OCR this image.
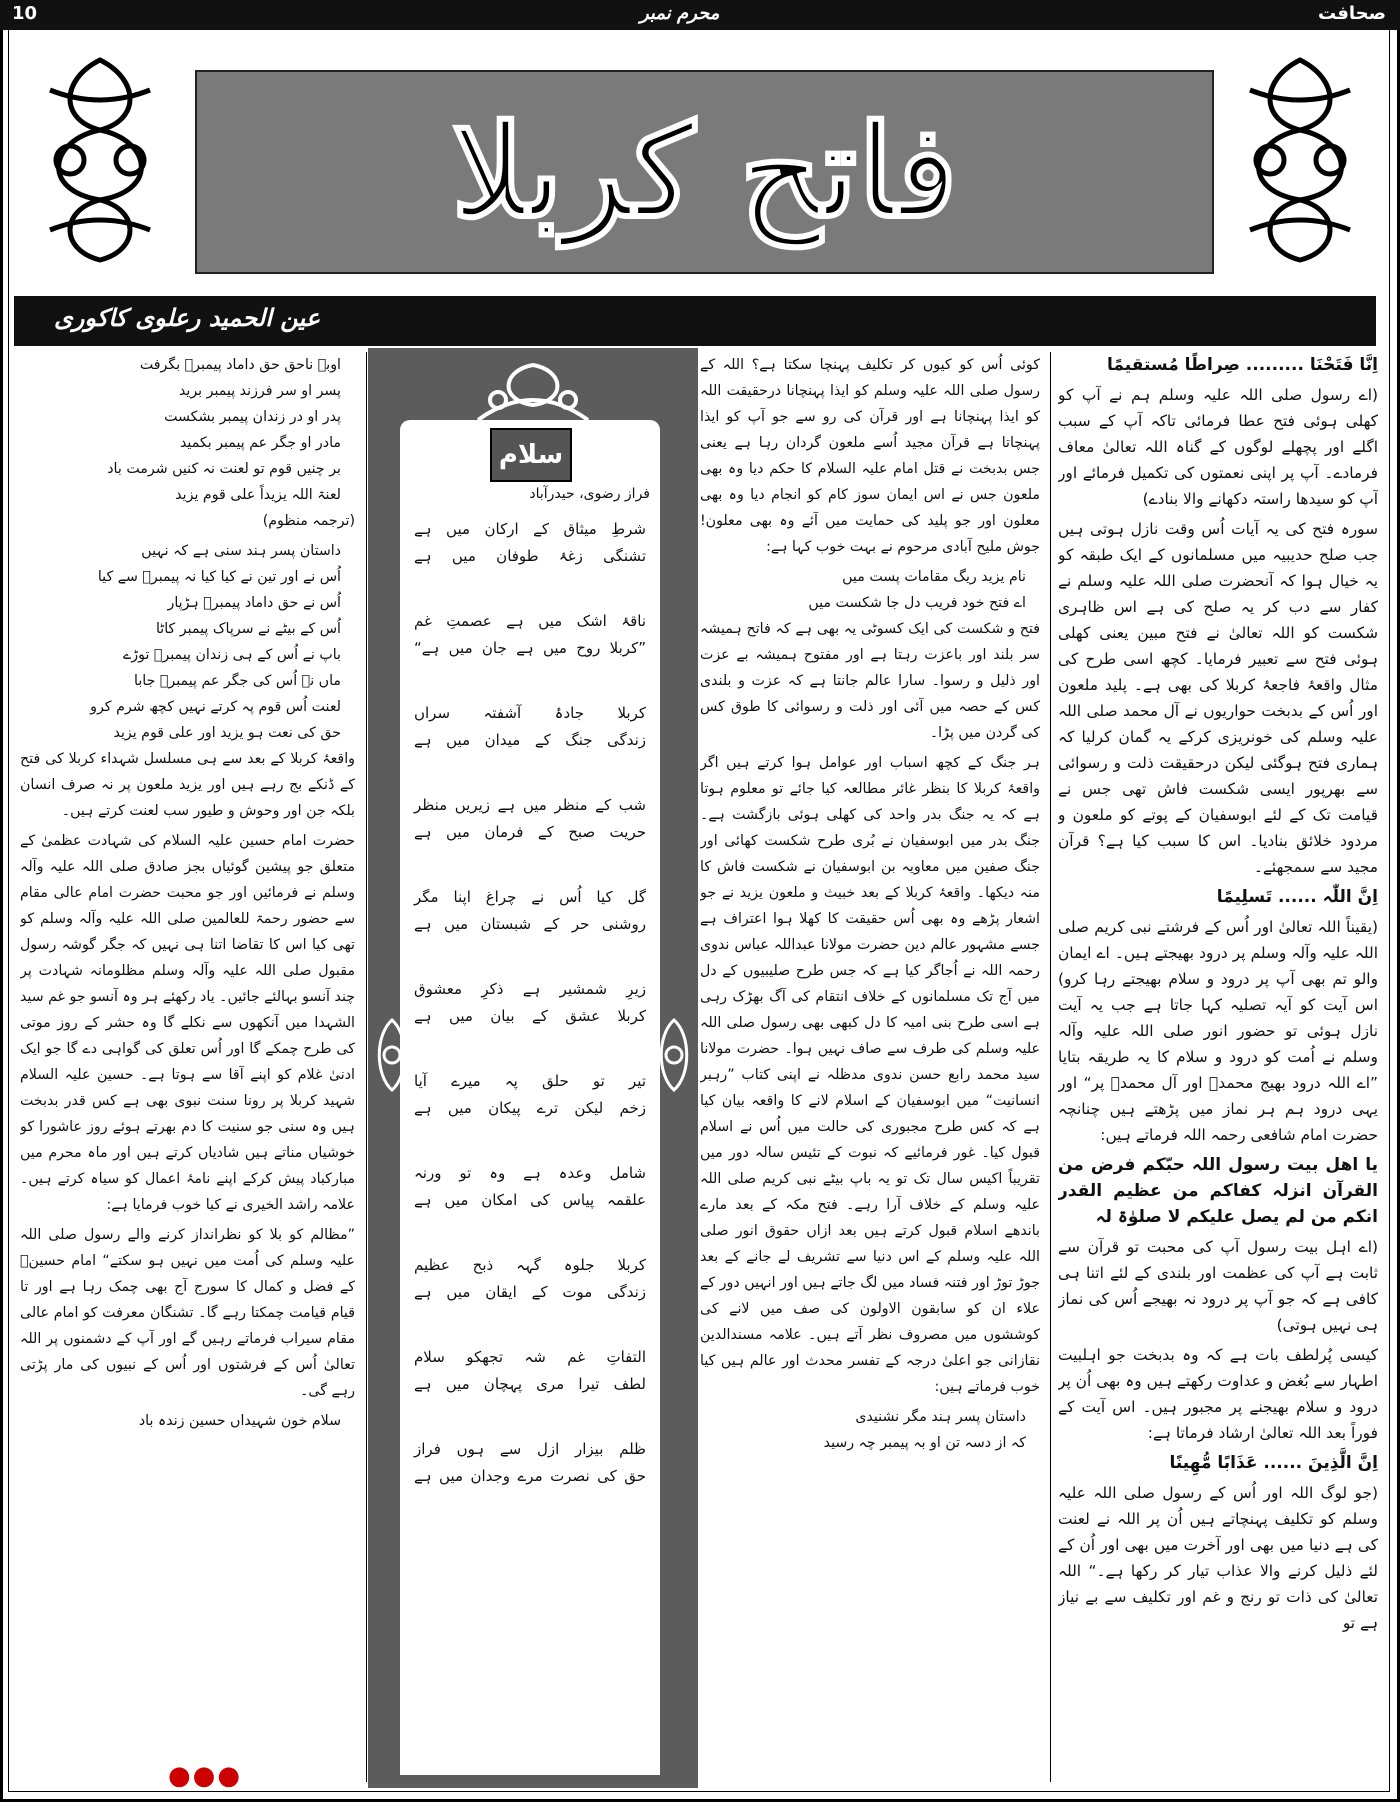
10	محرم نمبر	صحافت
فاتح کربلا
عین الحمید رعلوی کاکوری

اِنَّا فَتَحْنَا ......... صِراطًا مُستقیمًا

(اے رسول صلی اللہ علیہ وسلم ہم نے آپ کو کھلی ہوئی فتح عطا فرمائی تاکہ آپ کے سبب اگلے اور پچھلے لوگوں کے گناہ اللہ تعالیٰ معاف فرمادے۔ آپ پر اپنی نعمتوں کی تکمیل فرمائے اور آپ کو سیدھا راستہ دکھانے والا بنادے)

سورہ فتح کی یہ آیات اُس وقت نازل ہوتی ہیں جب صلح حدیبیہ میں مسلمانوں کے ایک طبقہ کو یہ خیال ہوا کہ آنحضرت صلی اللہ علیہ وسلم نے کفار سے دب کر یہ صلح کی ہے اس ظاہری شکست کو اللہ تعالیٰ نے فتح مبین یعنی کھلی ہوئی فتح سے تعبیر فرمایا۔ کچھ اسی طرح کی مثال واقعۂ فاجعۂ کربلا کی بھی ہے۔ پلید ملعون اور اُس کے بدبخت حواریوں نے آل محمد صلی اللہ علیہ وسلم کی خونریزی کرکے یہ گمان کرلیا کہ ہماری فتح ہوگئی لیکن درحقیقت ذلت و رسوائی سے بھرپور ایسی شکست فاش تھی جس نے قیامت تک کے لئے ابوسفیان کے پوتے کو ملعون و مردود خلائق بنادیا۔ اس کا سبب کیا ہے؟ قرآن مجید سے سمجھئے۔

اِنَّ اللّٰہ ...... تَسلِیمًا

(یقیناً اللہ تعالیٰ اور اُس کے فرشتے نبی کریم صلی اللہ علیہ وآلہ وسلم پر درود بھیجتے ہیں۔ اے ایمان والو تم بھی آپ پر درود و سلام بھیجتے رہا کرو) اس آیت کو آیہ تصلیہ کہا جاتا ہے جب یہ آیت نازل ہوئی تو حضور انور صلی اللہ علیہ وآلہ وسلم نے اُمت کو درود و سلام کا یہ طریقہ بتایا ”اے اللہ درود بھیج محمدؐ اور آل محمدؐ پر“ اور یہی درود ہم ہر نماز میں پڑھتے ہیں چنانچہ حضرت امام شافعی رحمہ اللہ فرماتے ہیں:

یا اھل بیت رسول اللہ حبّکم فرض من القرآن انزلہ کفاکم من عظیم القدر انکم من لم یصل علیکم لا صلوٰۃ لہ

(اے اہل بیت رسول آپ کی محبت تو قرآن سے ثابت ہے آپ کی عظمت اور بلندی کے لئے اتنا ہی کافی ہے کہ جو آپ پر درود نہ بھیجے اُس کی نماز ہی نہیں ہوتی)

کیسی پُرلطف بات ہے کہ وہ بدبخت جو اہلبیت اطہار سے بُغض و عداوت رکھتے ہیں وہ بھی اُن پر درود و سلام بھیجنے پر مجبور ہیں۔ اس آیت کے فوراً بعد اللہ تعالیٰ ارشاد فرماتا ہے:

اِنَّ الَّذِینَ ...... عَذَابًا مُّھِینًا

(جو لوگ اللہ اور اُس کے رسول صلی اللہ علیہ وسلم کو تکلیف پہنچاتے ہیں اُن پر اللہ نے لعنت کی ہے دنیا میں بھی اور آخرت میں بھی اور اُن کے لئے ذلیل کرنے والا عذاب تیار کر رکھا ہے۔“ اللہ تعالیٰ کی ذات تو رنج و غم اور تکلیف سے بے نیاز ہے تو

کوئی اُس کو کیوں کر تکلیف پہنچا سکتا ہے؟ اللہ کے رسول صلی اللہ علیہ وسلم کو ایذا پہنچانا درحقیقت اللہ کو ایذا پہنچانا ہے اور قرآن کی رو سے جو آپ کو ایذا پہنچاتا ہے قرآن مجید اُسے ملعون گردان رہا ہے یعنی جس بدبخت نے قتل امام علیہ السلام کا حکم دیا وہ بھی ملعون جس نے اس ایمان سوز کام کو انجام دیا وہ بھی معلون اور جو پلید کی حمایت میں آئے وہ بھی معلون! جوش ملیح آبادی مرحوم نے بہت خوب کہا ہے:

نام یزید ریگ مقامات پست میں

اے فتح خود فریب دل جا شکست میں

فتح و شکست کی ایک کسوٹی یہ بھی ہے کہ فاتح ہمیشہ سر بلند اور باعزت رہتا ہے اور مفتوح ہمیشہ بے عزت اور ذلیل و رسوا۔ سارا عالم جانتا ہے کہ عزت و بلندی کس کے حصہ میں آئی اور ذلت و رسوائی کا طوق کس کی گردن میں پڑا۔

ہر جنگ کے کچھ اسباب اور عوامل ہوا کرتے ہیں اگر واقعۂ کربلا کا بنظر غائر مطالعہ کیا جائے تو معلوم ہوتا ہے کہ یہ جنگ بدر واحد کی کھلی ہوئی بازگشت ہے۔ جنگ بدر میں ابوسفیان نے بُری طرح شکست کھائی اور جنگ صفین میں معاویہ بن ابوسفیان نے شکست فاش کا منہ دیکھا۔ واقعۂ کربلا کے بعد خبیث و ملعون یزید نے جو اشعار پڑھے وہ بھی اُس حقیقت کا کھلا ہوا اعتراف ہے جسے مشہور عالم دین حضرت مولانا عبداللہ عباس ندوی رحمہ اللہ نے اُجاگر کیا ہے کہ جس طرح صلیبیوں کے دل میں آج تک مسلمانوں کے خلاف انتقام کی آگ بھڑک رہی ہے اسی طرح بنی امیہ کا دل کبھی بھی رسول صلی اللہ علیہ وسلم کی طرف سے صاف نہیں ہوا۔ حضرت مولانا سید محمد رابع حسن ندوی مدظلہ نے اپنی کتاب ”رہبر انسانیت“ میں ابوسفیان کے اسلام لانے کا واقعہ بیان کیا ہے کہ کس طرح مجبوری کی حالت میں اُس نے اسلام قبول کیا۔ غور فرمائیے کہ نبوت کے تئیس سالہ دور میں تقریباً اکیس سال تک تو یہ باپ بیٹے نبی کریم صلی اللہ علیہ وسلم کے خلاف آرا رہے۔ فتح مکہ کے بعد مارے باندھے اسلام قبول کرتے ہیں بعد ازاں حقوق انور صلی اللہ علیہ وسلم کے اس دنیا سے تشریف لے جانے کے بعد جوڑ توڑ اور فتنہ فساد میں لگ جاتے ہیں اور انہیں دور کے علاء ان کو سابقون الاولون کی صف میں لانے کی کوششوں میں مصروف نظر آتے ہیں۔ علامہ مسندالدین نقازانی جو اعلیٰ درجہ کے تفسر محدث اور عالم ہیں کیا خوب فرماتے ہیں:

داستان پسر ہند مگر نشنیدی

کہ از دسہ تن او بہ پیمبر چہ رسید

سلام
فراز رضوی، حیدرآباد
شرطِ میثاق کے ارکان میں ہے
تشنگی زغۂ طوفان میں ہے
ناقۂ اشک میں ہے عصمتِ غم
”کربلا روح میں ہے جان میں ہے“
کربلا جادۂ آشفتہ سراں
زندگی جنگ کے میدان میں ہے
شب کے منظر میں ہے زیریں منظر
حریت صبح کے فرمان میں ہے
گل کیا اُس نے چراغ اپنا مگر
روشنی حر کے شبستان میں ہے
زیرِ شمشیر ہے ذکرِ معشوق
کربلا عشق کے بیان میں ہے
تیر تو حلق پہ میرے آیا
زخم لیکن ترے پیکان میں ہے
شامل وعدہ ہے وہ تو ورنہ
علقمہ پیاس کی امکان میں ہے
کربلا جلوہ گہہ ذبح عظیم
زندگی موت کے ایقان میں ہے
التفاتِ غم شہ تجھکو سلام
لطف تیرا مری پہچان میں ہے
ظلم بیزار ازل سے ہوں فراز
حق کی نصرت مرے وجدان میں ہے

اوبہ ناحق حق داماد پیمبرؐ بگرفت

پسر او سر فرزند پیمبر برید

پدر او در زندان پیمبر بشکست

مادر او جگر عم پیمبر بکمید

بر چنیں قوم تو لعنت نہ کنیں شرمت باد

لعنۃ اللہ یزیداً علی قوم یزید

(ترجمہ منظوم)

داستان پسر ہند سنی ہے کہ نہیں

اُس نے اور تین نے کیا کیا نہ پیمبرؐ سے کیا

اُس نے حق داماد پیمبرؐ ہڑپار

اُس کے بیٹے نے سرپاک پیمبر کاٹا

باپ نے اُس کے ہی زندان پیمبرؐ توڑے

ماں نے اُس کی جگر عم پیمبرؐ جابا

لعنت اُس قوم پہ کرتے نہیں کچھ شرم کرو

حق کی نعت ہو یزید اور علی قوم یزید

واقعۂ کربلا کے بعد سے ہی مسلسل شہداء کربلا کی فتح کے ڈنکے بج رہے ہیں اور یزید ملعون پر نہ صرف انسان بلکہ جن اور وحوش و طیور سب لعنت کرتے ہیں۔

حضرت امام حسین علیہ السلام کی شہادت عظمیٰ کے متعلق جو پیشین گوئیاں بجز صادق صلی اللہ علیہ وآلہ وسلم نے فرمائیں اور جو محبت حضرت امام عالی مقام سے حضور رحمۃ للعالمین صلی اللہ علیہ وآلہ وسلم کو تھی کیا اس کا تقاضا اتنا ہی نہیں کہ جگر گوشہ رسول مقبول صلی اللہ علیہ وآلہ وسلم مظلومانہ شہادت پر چند آنسو بہالئے جائیں۔ یاد رکھئے ہر وہ آنسو جو غم سید الشہدا میں آنکھوں سے نکلے گا وہ حشر کے روز موتی کی طرح چمکے گا اور اُس تعلق کی گواہی دے گا جو ایک ادنیٰ غلام کو اپنے آقا سے ہوتا ہے۔ حسین علیہ السلام شہید کربلا پر رونا سنت نبوی بھی ہے کس قدر بدبخت ہیں وہ سنی جو سنیت کا دم بھرتے ہوئے روز عاشورا کو خوشیاں مناتے ہیں شادیاں کرتے ہیں اور ماہ محرم میں مبارکباد پیش کرکے اپنے نامۂ اعمال کو سیاہ کرتے ہیں۔ علامہ راشد الخیری نے کیا خوب فرمایا ہے:

”مظالم کو بلا کو نظرانداز کرنے والے رسول صلی اللہ علیہ وسلم کی اُمت میں نہیں ہو سکتے“ امام حسینؓ کے فضل و کمال کا سورج آج بھی چمک رہا ہے اور تا قیام قیامت چمکتا رہے گا۔ تشنگان معرفت کو امام عالی مقام سیراب فرماتے رہیں گے اور آپ کے دشمنوں پر اللہ تعالیٰ اُس کے فرشتوں اور اُس کے نبیوں کی مار پڑتی رہے گی۔

سلام خون شہیداں حسین زندہ باد

●●●
